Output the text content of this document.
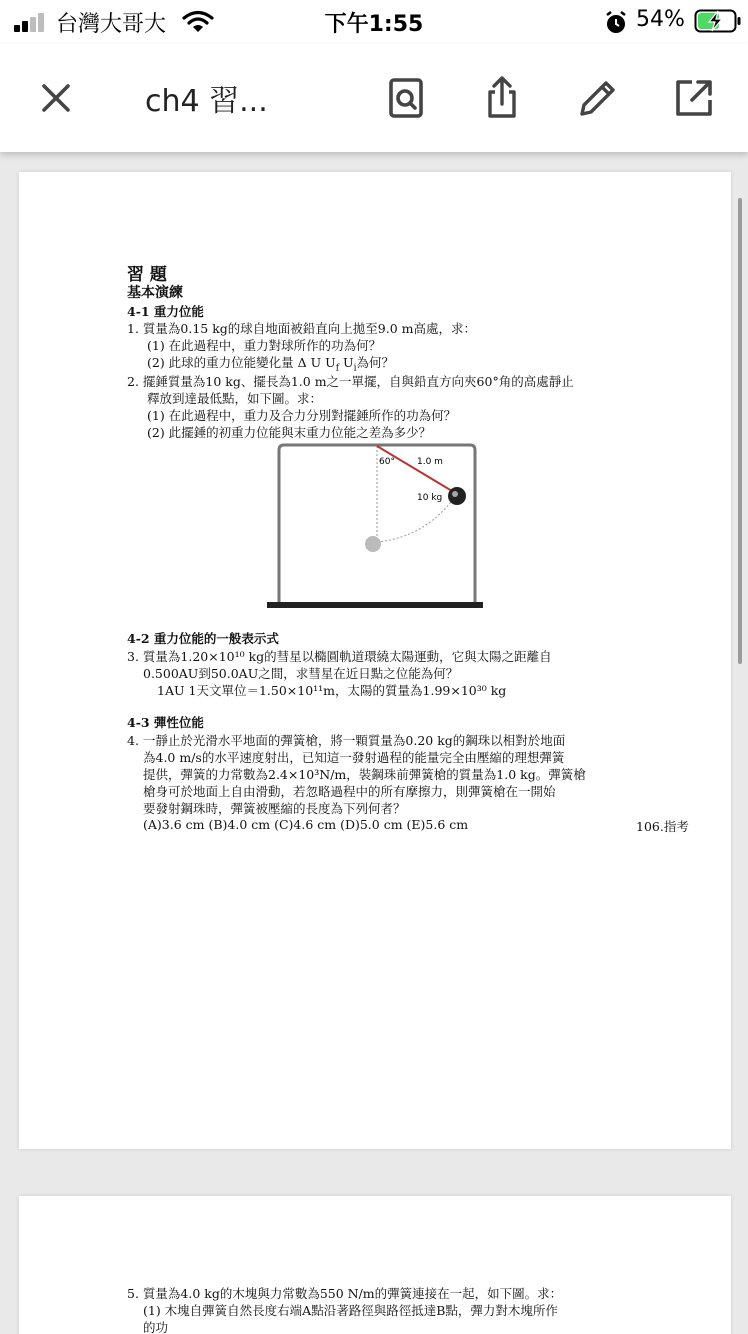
台灣大哥大	下午1:55	54%
ch4 習...
習 題
基本演練
4-1 重力位能
1. 質量為0.15 kg的球自地面被鉛直向上拋至9.0 m高處，求：
(1) 在此過程中，重力對球所作的功為何？
(2) 此球的重力位能變化量 Δ U $U_f$ $U_i$為何？
2. 擺錘質量為10 kg、擺長為1.0 m之一單擺，自與鉛直方向夾60°角的高處靜止
釋放到達最低點，如下圖。求：
(1) 在此過程中，重力及合力分別對擺錘所作的功為何？
(2) 此擺錘的初重力位能與末重力位能之差為多少？
60° 1.0 m
10 kg
4-2 重力位能的一般表示式
3. 質量為1.20×10¹⁰ kg的彗星以橢圓軌道環繞太陽運動，它與太陽之距離自
0.500AU到50.0AU之間，求彗星在近日點之位能為何？
1AU 1天文單位＝1.50×10¹¹m，太陽的質量為1.99×10³⁰ kg
4-3 彈性位能
4. 一靜止於光滑水平地面的彈簧槍，將一顆質量為0.20 kg的鋼珠以相對於地面
為4.0 m/s的水平速度射出，已知這一發射過程的能量完全由壓縮的理想彈簧
提供，彈簧的力常數為2.4×10³N/m，裝鋼珠前彈簧槍的質量為1.0 kg。彈簧槍
槍身可於地面上自由滑動，若忽略過程中的所有摩擦力，則彈簧槍在一開始
要發射鋼珠時，彈簧被壓縮的長度為下列何者？
(A)3.6 cm (B)4.0 cm (C)4.6 cm (D)5.0 cm (E)5.6 cm	106.指考
5. 質量為4.0 kg的木塊與力常數為550 N/m的彈簧連接在一起，如下圖。求：
(1) 木塊自彈簧自然長度右端A點沿著路徑與路徑抵達B點，彈力對木塊所作
的功
